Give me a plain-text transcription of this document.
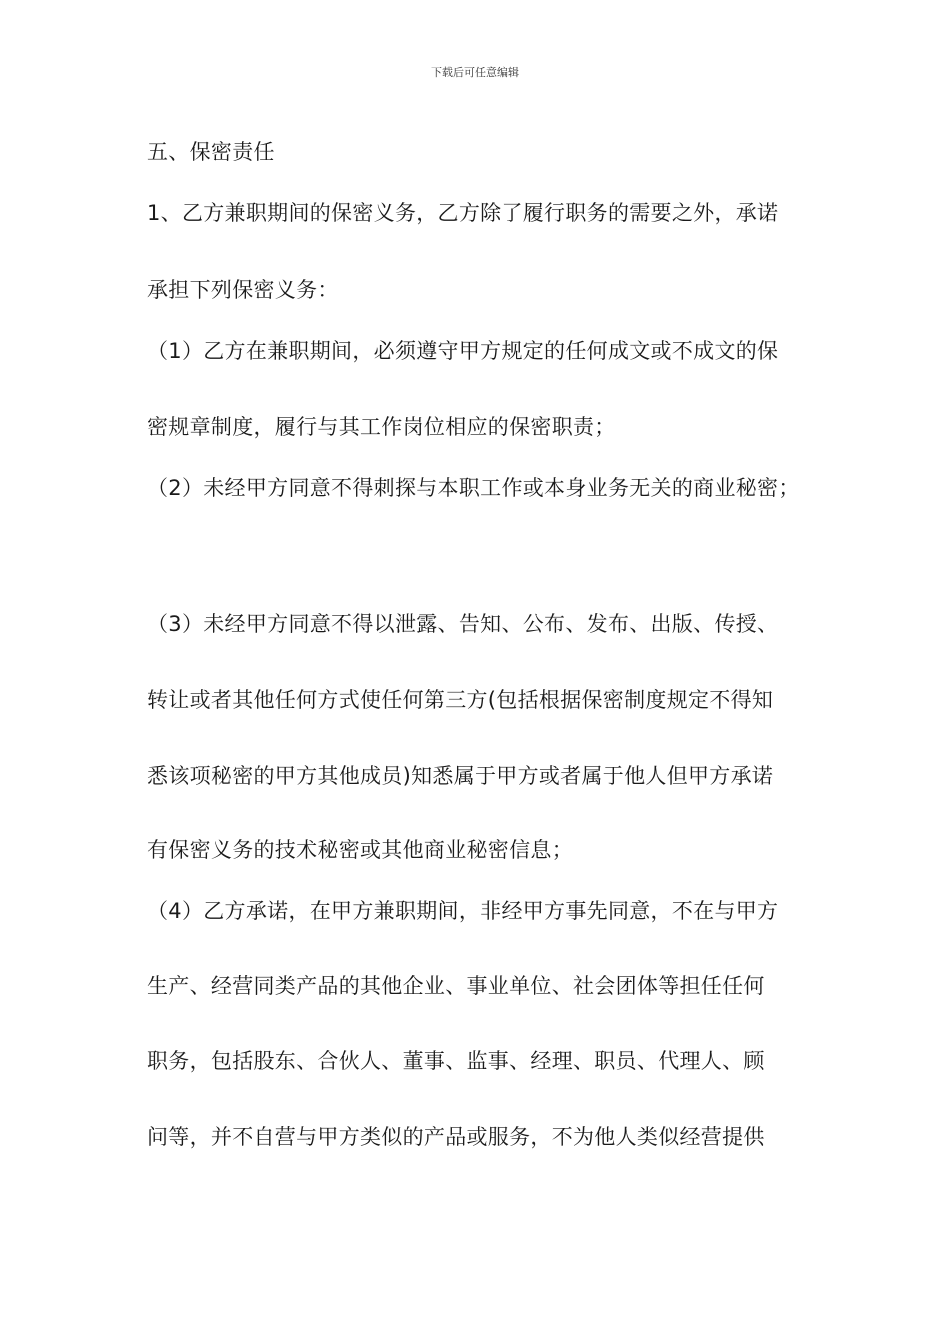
下载后可任意编辑
五、保密责任
1、乙方兼职期间的保密义务，乙方除了履行职务的需要之外，承诺
承担下列保密义务：
（1）乙方在兼职期间，必须遵守甲方规定的任何成文或不成文的保
密规章制度，履行与其工作岗位相应的保密职责；
（2）未经甲方同意不得刺探与本职工作或本身业务无关的商业秘密；
（3）未经甲方同意不得以泄露、告知、公布、发布、出版、传授、
转让或者其他任何方式使任何第三方(包括根据保密制度规定不得知
悉该项秘密的甲方其他成员)知悉属于甲方或者属于他人但甲方承诺
有保密义务的技术秘密或其他商业秘密信息；
（4）乙方承诺，在甲方兼职期间，非经甲方事先同意，不在与甲方
生产、经营同类产品的其他企业、事业单位、社会团体等担任任何
职务，包括股东、合伙人、董事、监事、经理、职员、代理人、顾
问等，并不自营与甲方类似的产品或服务，不为他人类似经营提供
